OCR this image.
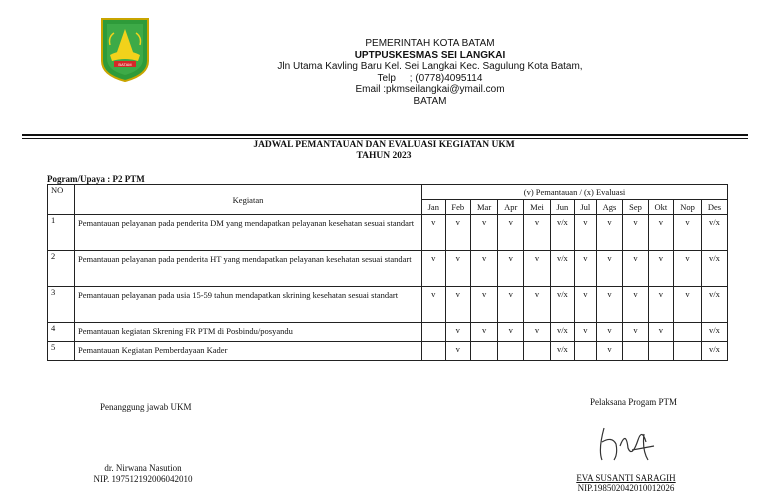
BATAM
PEMERINTAH KOTA BATAM
UPTPUSKESMAS SEI LANGKAI
Jln Utama Kavling Baru Kel. Sei Langkai Kec. Sagulung Kota Batam,
Telp     ; (0778)4095114
Email :pkmseilangkai@ymail.com
BATAM
JADWAL PEMANTAUAN DAN EVALUASI KEGIATAN UKM
TAHUN 2023
Pogram/Upaya : P2 PTM
NO	Kegiatan	(v) Pemantauan / (x) Evaluasi											
		Jan	Feb	Mar	Apr	Mei	Jun	Jul	Ags	Sep	Okt	Nop	Des
1	Pemantauan pelayanan pada penderita DM yang mendapatkan pelayanan kesehatan sesuai standart	v	v	v	v	v	v/x	v	v	v	v	v	v/x
2	Pemantauan pelayanan pada penderita HT yang mendapatkan pelayanan kesehatan sesuai standart	v	v	v	v	v	v/x	v	v	v	v	v	v/x
3	Pemantauan pelayanan pada usia 15-59 tahun mendapatkan skrining kesehatan sesuai standart	v	v	v	v	v	v/x	v	v	v	v	v	v/x
4	Pemantauan kegiatan Skrening FR PTM di Posbindu/posyandu		v	v	v	v	v/x	v	v	v	v		v/x
5	Pemantauan Kegiatan Pemberdayaan Kader		v				v/x		v				v/x
Penanggung jawab UKM
dr. Nirwana Nasution
NIP. 197512192006042010
Pelaksana Progam PTM
EVA SUSANTI SARAGIH
NIP.198502042010012026
